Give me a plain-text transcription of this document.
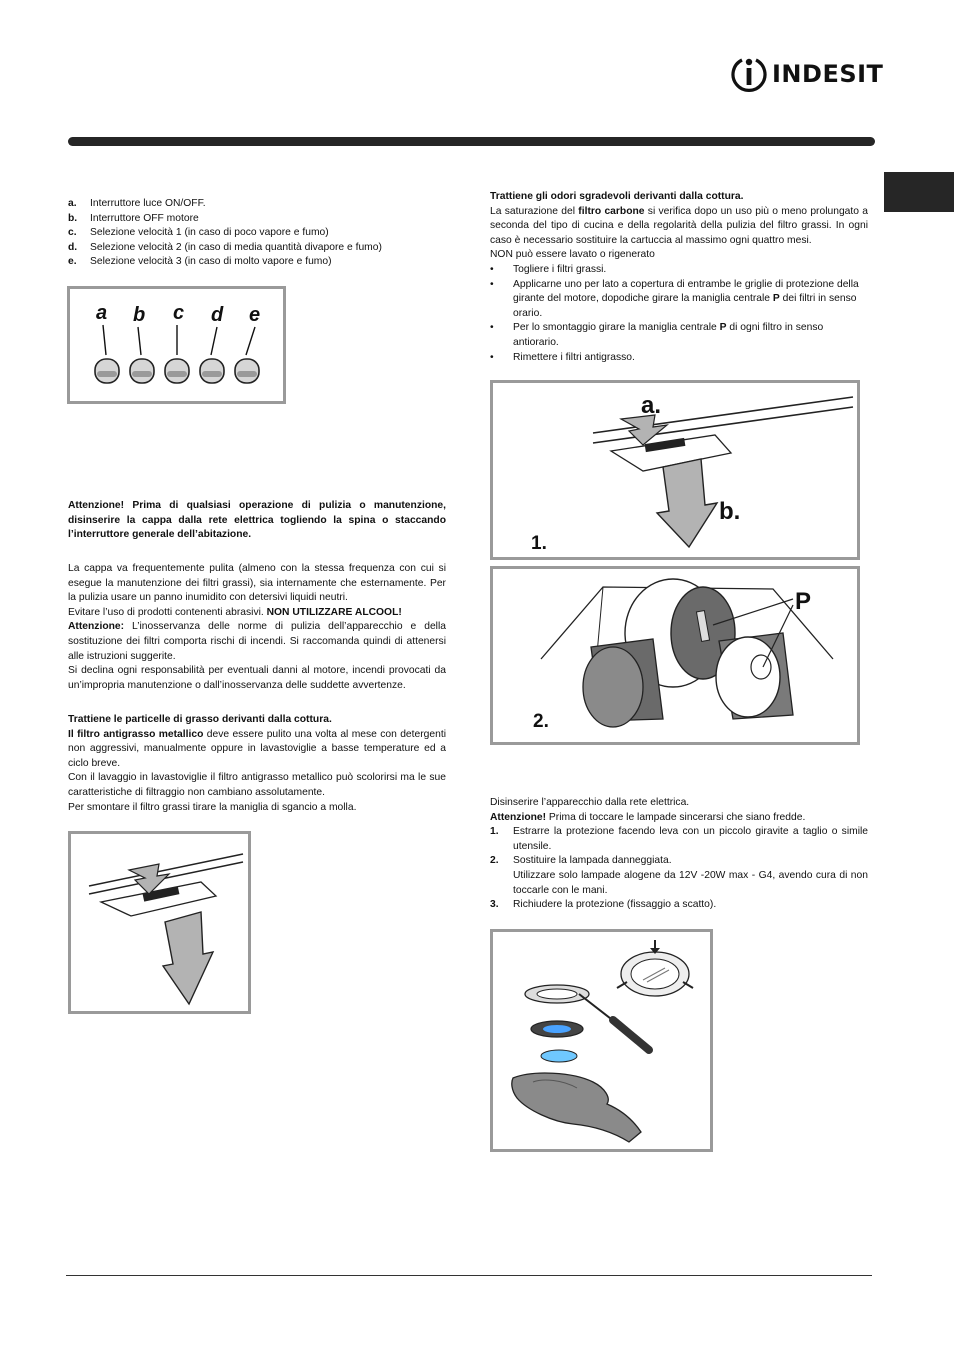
INDESIT
a.	Interruttore luce ON/OFF.
b.	Interruttore OFF motore
c.	Selezione velocità 1 (in caso di poco vapore e fumo)
d.	Selezione velocità 2 (in caso di media quantità divapore e fumo)
e.	Selezione velocità 3 (in caso di molto vapore e fumo)
a b c d e
Attenzione! Prima di qualsiasi operazione di pulizia o manutenzione, disinserire la cappa dalla rete elettrica togliendo la spina o staccando l’interruttore generale dell’abitazione.
La cappa va frequentemente pulita (almeno con la stessa frequenza con cui si esegue la manutenzione dei filtri grassi), sia internamente che esternamente. Per la pulizia usare un panno inumidito con detersivi liquidi neutri.
Evitare l’uso di prodotti contenenti abrasivi. NON UTILIZZARE ALCOOL!
Attenzione: L’inosservanza delle norme di pulizia dell’apparecchio e della sostituzione dei filtri comporta rischi di incendi. Si raccomanda quindi di attenersi alle istruzioni suggerite.
Si declina ogni responsabilità per eventuali danni al motore, incendi provocati da un’impropria manutenzione o dall’inosservanza delle suddette avvertenze.
Trattiene le particelle di grasso derivanti dalla cottura.
Il filtro antigrasso metallico deve essere pulito una volta al mese con detergenti non aggressivi, manualmente oppure in lavastoviglie a basse temperature ed a ciclo breve.
Con il lavaggio in lavastoviglie il filtro antigrasso metallico può scolorirsi ma le sue caratteristiche di filtraggio non cambiano assolutamente.
Per smontare il filtro grassi tirare la maniglia di sgancio a molla.
Trattiene gli odori sgradevoli derivanti dalla cottura.
La saturazione del filtro carbone si verifica dopo un uso più o meno prolungato a seconda del tipo di cucina e della regolarità della pulizia del filtro grassi. In ogni caso è necessario sostituire la cartuccia al massimo ogni quattro mesi.
NON può essere lavato o rigenerato
•	Togliere i filtri grassi.
•	Applicarne uno per lato a copertura di entrambe le griglie di protezione della girante del motore, dopodiche girare la maniglia centrale P dei filtri in senso orario.
•	Per lo smontaggio girare la maniglia centrale P di ogni filtro in senso antiorario.
•	Rimettere i filtri antigrasso.
a.
b.
1.
P
2.
Disinserire l’apparecchio dalla rete elettrica.
Attenzione! Prima di toccare le lampade sincerarsi che siano fredde.
1.	Estrarre la protezione facendo leva con un piccolo giravite a taglio o simile utensile.
2.	Sostituire la lampada danneggiata.
Utilizzare solo lampade alogene da 12V -20W max - G4, avendo cura di non toccarle con le mani.
3.	Richiudere la protezione (fissaggio a scatto).
